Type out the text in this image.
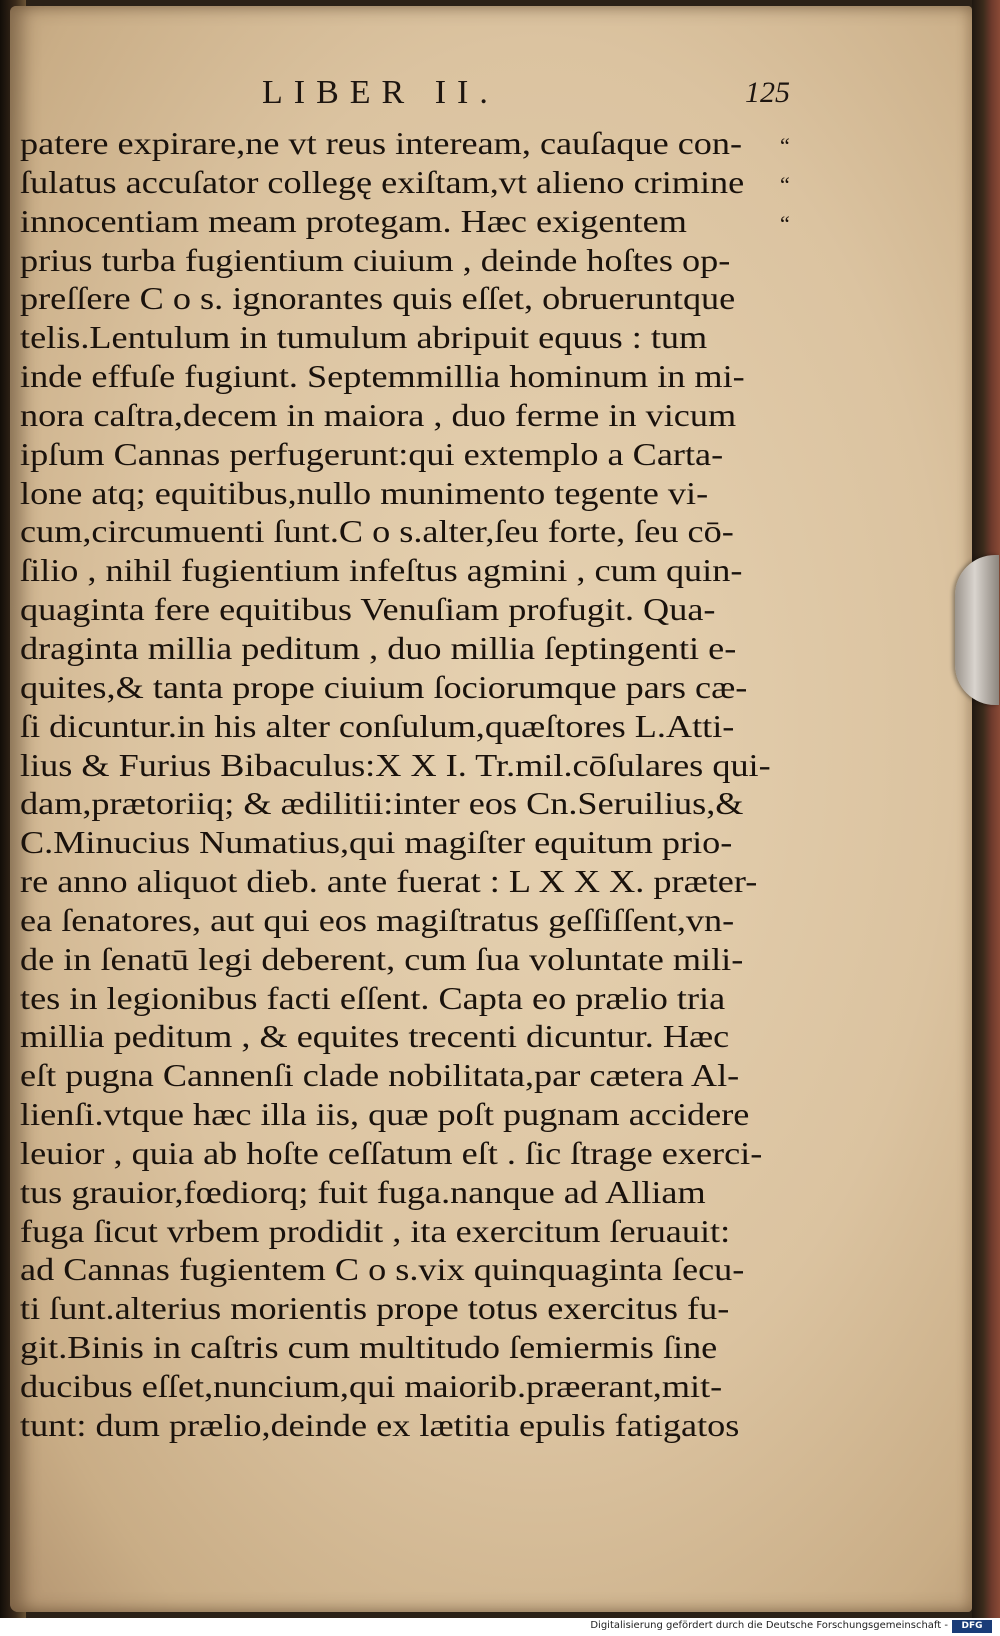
LIBER II.	125
patere expirare,ne vt reus inteream, cauſaque con-
ſulatus accuſator collegę exiſtam,vt alieno crimine
innocentiam meam protegam. Hæc exigentem
prius turba fugientium ciuium , deinde hoſtes op-
preſſere C o s. ignorantes quis eſſet, obrueruntque
telis.Lentulum in tumulum abripuit equus : tum
inde effuſe fugiunt. Septemmillia hominum in mi-
nora caſtra,decem in maiora , duo ferme in vicum
ipſum Cannas perfugerunt:qui extemplo a Carta-
lone atq; equitibus,nullo munimento tegente vi-
cum,circumuenti ſunt.C o s.alter,ſeu forte, ſeu cō-
ſilio , nihil fugientium infeſtus agmini , cum quin-
quaginta fere equitibus Venuſiam profugit. Qua-
draginta millia peditum , duo millia ſeptingenti e-
quites,& tanta prope ciuium ſociorumque pars cæ-
ſi dicuntur.in his alter conſulum,quæſtores L.Atti-
lius & Furius Bibaculus:X X I. Tr.mil.cōſulares qui-
dam,prætoriiq; & ædilitii:inter eos Cn.Seruilius,&
C.Minucius Numatius,qui magiſter equitum prio-
re anno aliquot dieb. ante fuerat : L X X X. præter-
ea ſenatores, aut qui eos magiſtratus geſſiſſent,vn-
de in ſenatū legi deberent, cum ſua voluntate mili-
tes in legionibus facti eſſent. Capta eo prælio tria
millia peditum , & equites trecenti dicuntur. Hæc
eſt pugna Cannenſi clade nobilitata,par cætera Al-
lienſi.vtque hæc illa iis, quæ poſt pugnam accidere
leuior , quia ab hoſte ceſſatum eſt . ſic ſtrage exerci-
tus grauior,fœdiorq; fuit fuga.nanque ad Alliam
fuga ſicut vrbem prodidit , ita exercitum ſeruauit:
ad Cannas fugientem C o s.vix quinquaginta ſecu-
ti ſunt.alterius morientis prope totus exercitus fu-
git.Binis in caſtris cum multitudo ſemiermis ſine
ducibus eſſet,nuncium,qui maiorib.præerant,mit-
tunt: dum prælio,deinde ex lætitia epulis fatigatos
“
“
“
Digitalisierung gefördert durch die Deutsche Forschungsgemeinschaft -	DFG
